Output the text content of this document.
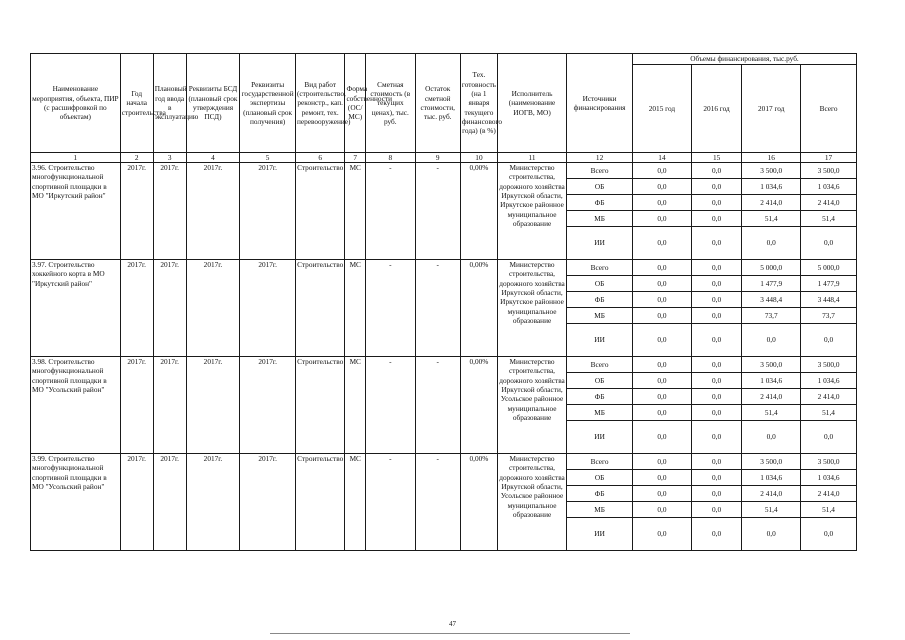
Наименование мероприятия, объекта, ПИР (с расшифровкой по объектам)	Год начала строительства	Плановый год ввода в эксплуатацию	Реквизиты БСД (плановый срок утверждения ПСД)	Реквизиты государственной экспертизы (плановый срок получения)	Вид работ (строительство, реконстр., кап. ремонт, тех. перевооружение)	Форма собственности (ОС/МС)	Сметная стоимость (в текущих ценах), тыс. руб.	Остаток сметной стоимости, тыс. руб.	Тех. готовность (на 1 января текущего финансового года) (в %)	Исполнитель (наименование ИОГВ, МО)	Источники финансирования	Объемы финансирования, тыс.руб.			
												2015 год	2016 год	2017 год	Всего
1	2	3	4	5	6	7	8	9	10	11	12	14	15	16	17
3.96. Строительство многофункциональной спортивной площадки в МО "Иркутский район"	2017г.	2017г.	2017г.	2017г.	Строительство	МС	-	-	0,00%	Министерство строительства, дорожного хозяйства Иркутской области, Иркутское районное муниципальное образование	Всего	0,0	0,0	3 500,0	3 500,0
											ОБ	0,0	0,0	1 034,6	1 034,6
											ФБ	0,0	0,0	2 414,0	2 414,0
											МБ	0,0	0,0	51,4	51,4
											ИИ	0,0	0,0	0,0	0,0
3.97. Строительство хоккейного корта в МО "Иркутский район"	2017г.	2017г.	2017г.	2017г.	Строительство	МС	-	-	0,00%	Министерство строительства, дорожного хозяйства Иркутской области, Иркутское районное муниципальное образование	Всего	0,0	0,0	5 000,0	5 000,0
											ОБ	0,0	0,0	1 477,9	1 477,9
											ФБ	0,0	0,0	3 448,4	3 448,4
											МБ	0,0	0,0	73,7	73,7
											ИИ	0,0	0,0	0,0	0,0
3.98. Строительство многофункциональной спортивной площадки в МО "Усольский район"	2017г.	2017г.	2017г.	2017г.	Строительство	МС	-	-	0,00%	Министерство строительства, дорожного хозяйства Иркутской области, Усольское районное муниципальное образование	Всего	0,0	0,0	3 500,0	3 500,0
											ОБ	0,0	0,0	1 034,6	1 034,6
											ФБ	0,0	0,0	2 414,0	2 414,0
											МБ	0,0	0,0	51,4	51,4
											ИИ	0,0	0,0	0,0	0,0
3.99. Строительство многофункциональной спортивной площадки в МО "Усольский район"	2017г.	2017г.	2017г.	2017г.	Строительство	МС	-	-	0,00%	Министерство строительства, дорожного хозяйства Иркутской области, Усольское районное муниципальное образование	Всего	0,0	0,0	3 500,0	3 500,0
											ОБ	0,0	0,0	1 034,6	1 034,6
											ФБ	0,0	0,0	2 414,0	2 414,0
											МБ	0,0	0,0	51,4	51,4
											ИИ	0,0	0,0	0,0	0,0
47
